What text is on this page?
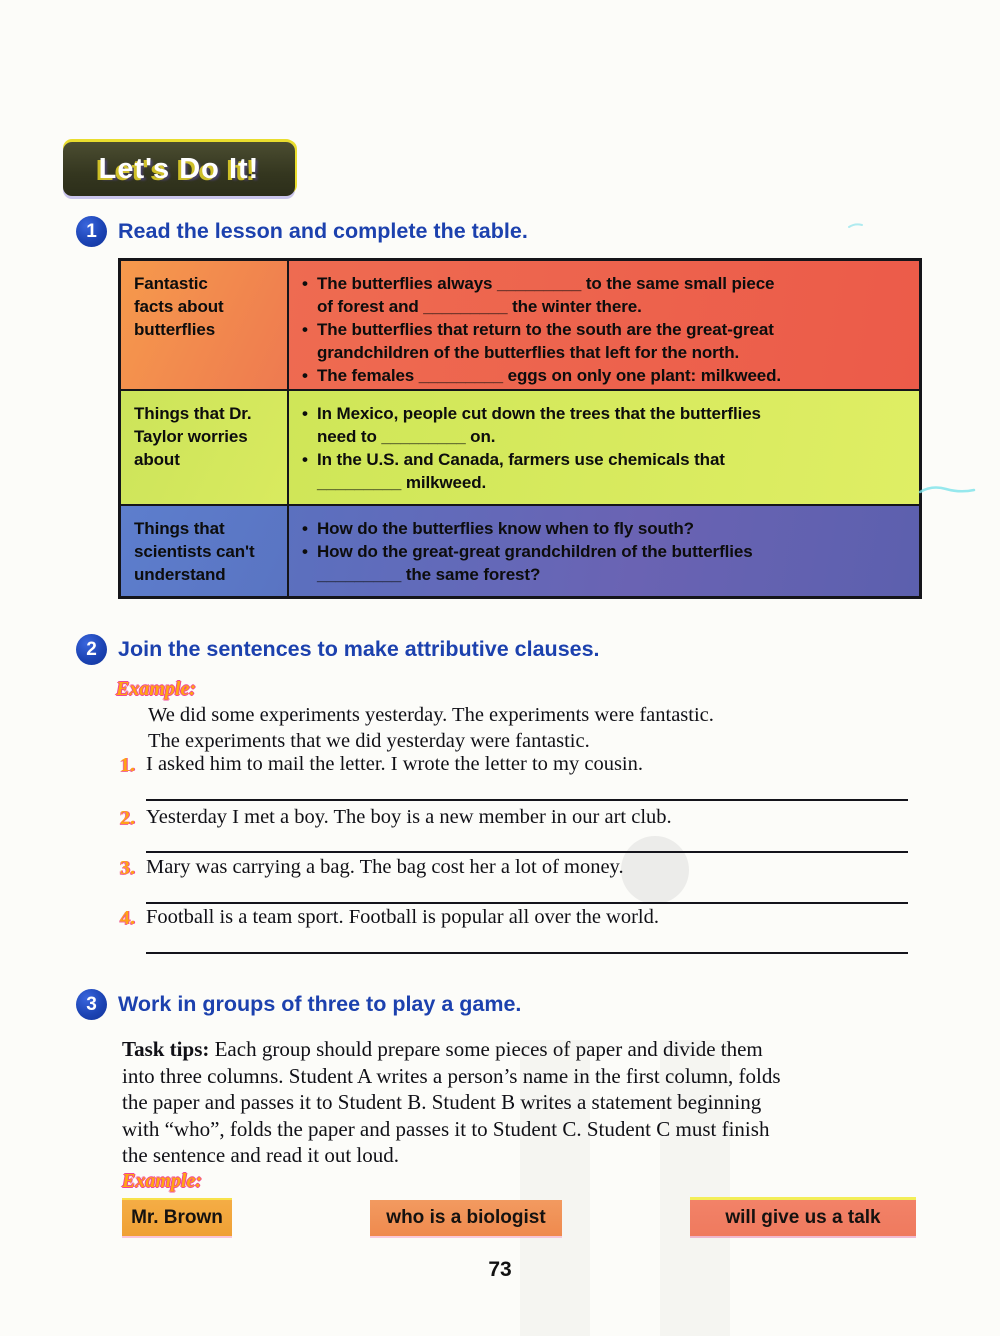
Let's Do It!
1 Read the lesson and complete the table.
Fantastic
facts about
butterflies
• The butterflies always _________ to the same small piece
of forest and _________ the winter there.
• The butterflies that return to the south are the great-great
grandchildren of the butterflies that left for the north.
• The females _________ eggs on only one plant: milkweed.
Things that Dr.
Taylor worries
about
• In Mexico, people cut down the trees that the butterflies
need to _________ on.
• In the U.S. and Canada, farmers use chemicals that
_________ milkweed.
Things that
scientists can't
understand
• How do the butterflies know when to fly south?
• How do the great-great grandchildren of the butterflies
_________ the same forest?
2 Join the sentences to make attributive clauses.
Example:
We did some experiments yesterday. The experiments were fantastic.
The experiments that we did yesterday were fantastic.
1. I asked him to mail the letter. I wrote the letter to my cousin.
2. Yesterday I met a boy. The boy is a new member in our art club.
3. Mary was carrying a bag. The bag cost her a lot of money.
4. Football is a team sport. Football is popular all over the world.
3 Work in groups of three to play a game.
Task tips: Each group should prepare some pieces of paper and divide them
into three columns. Student A writes a person’s name in the first column, folds
the paper and passes it to Student B. Student B writes a statement beginning
with “who”, folds the paper and passes it to Student C. Student C must finish
the sentence and read it out loud.
Example:
Mr. Brown	who is a biologist	will give us a talk
73
